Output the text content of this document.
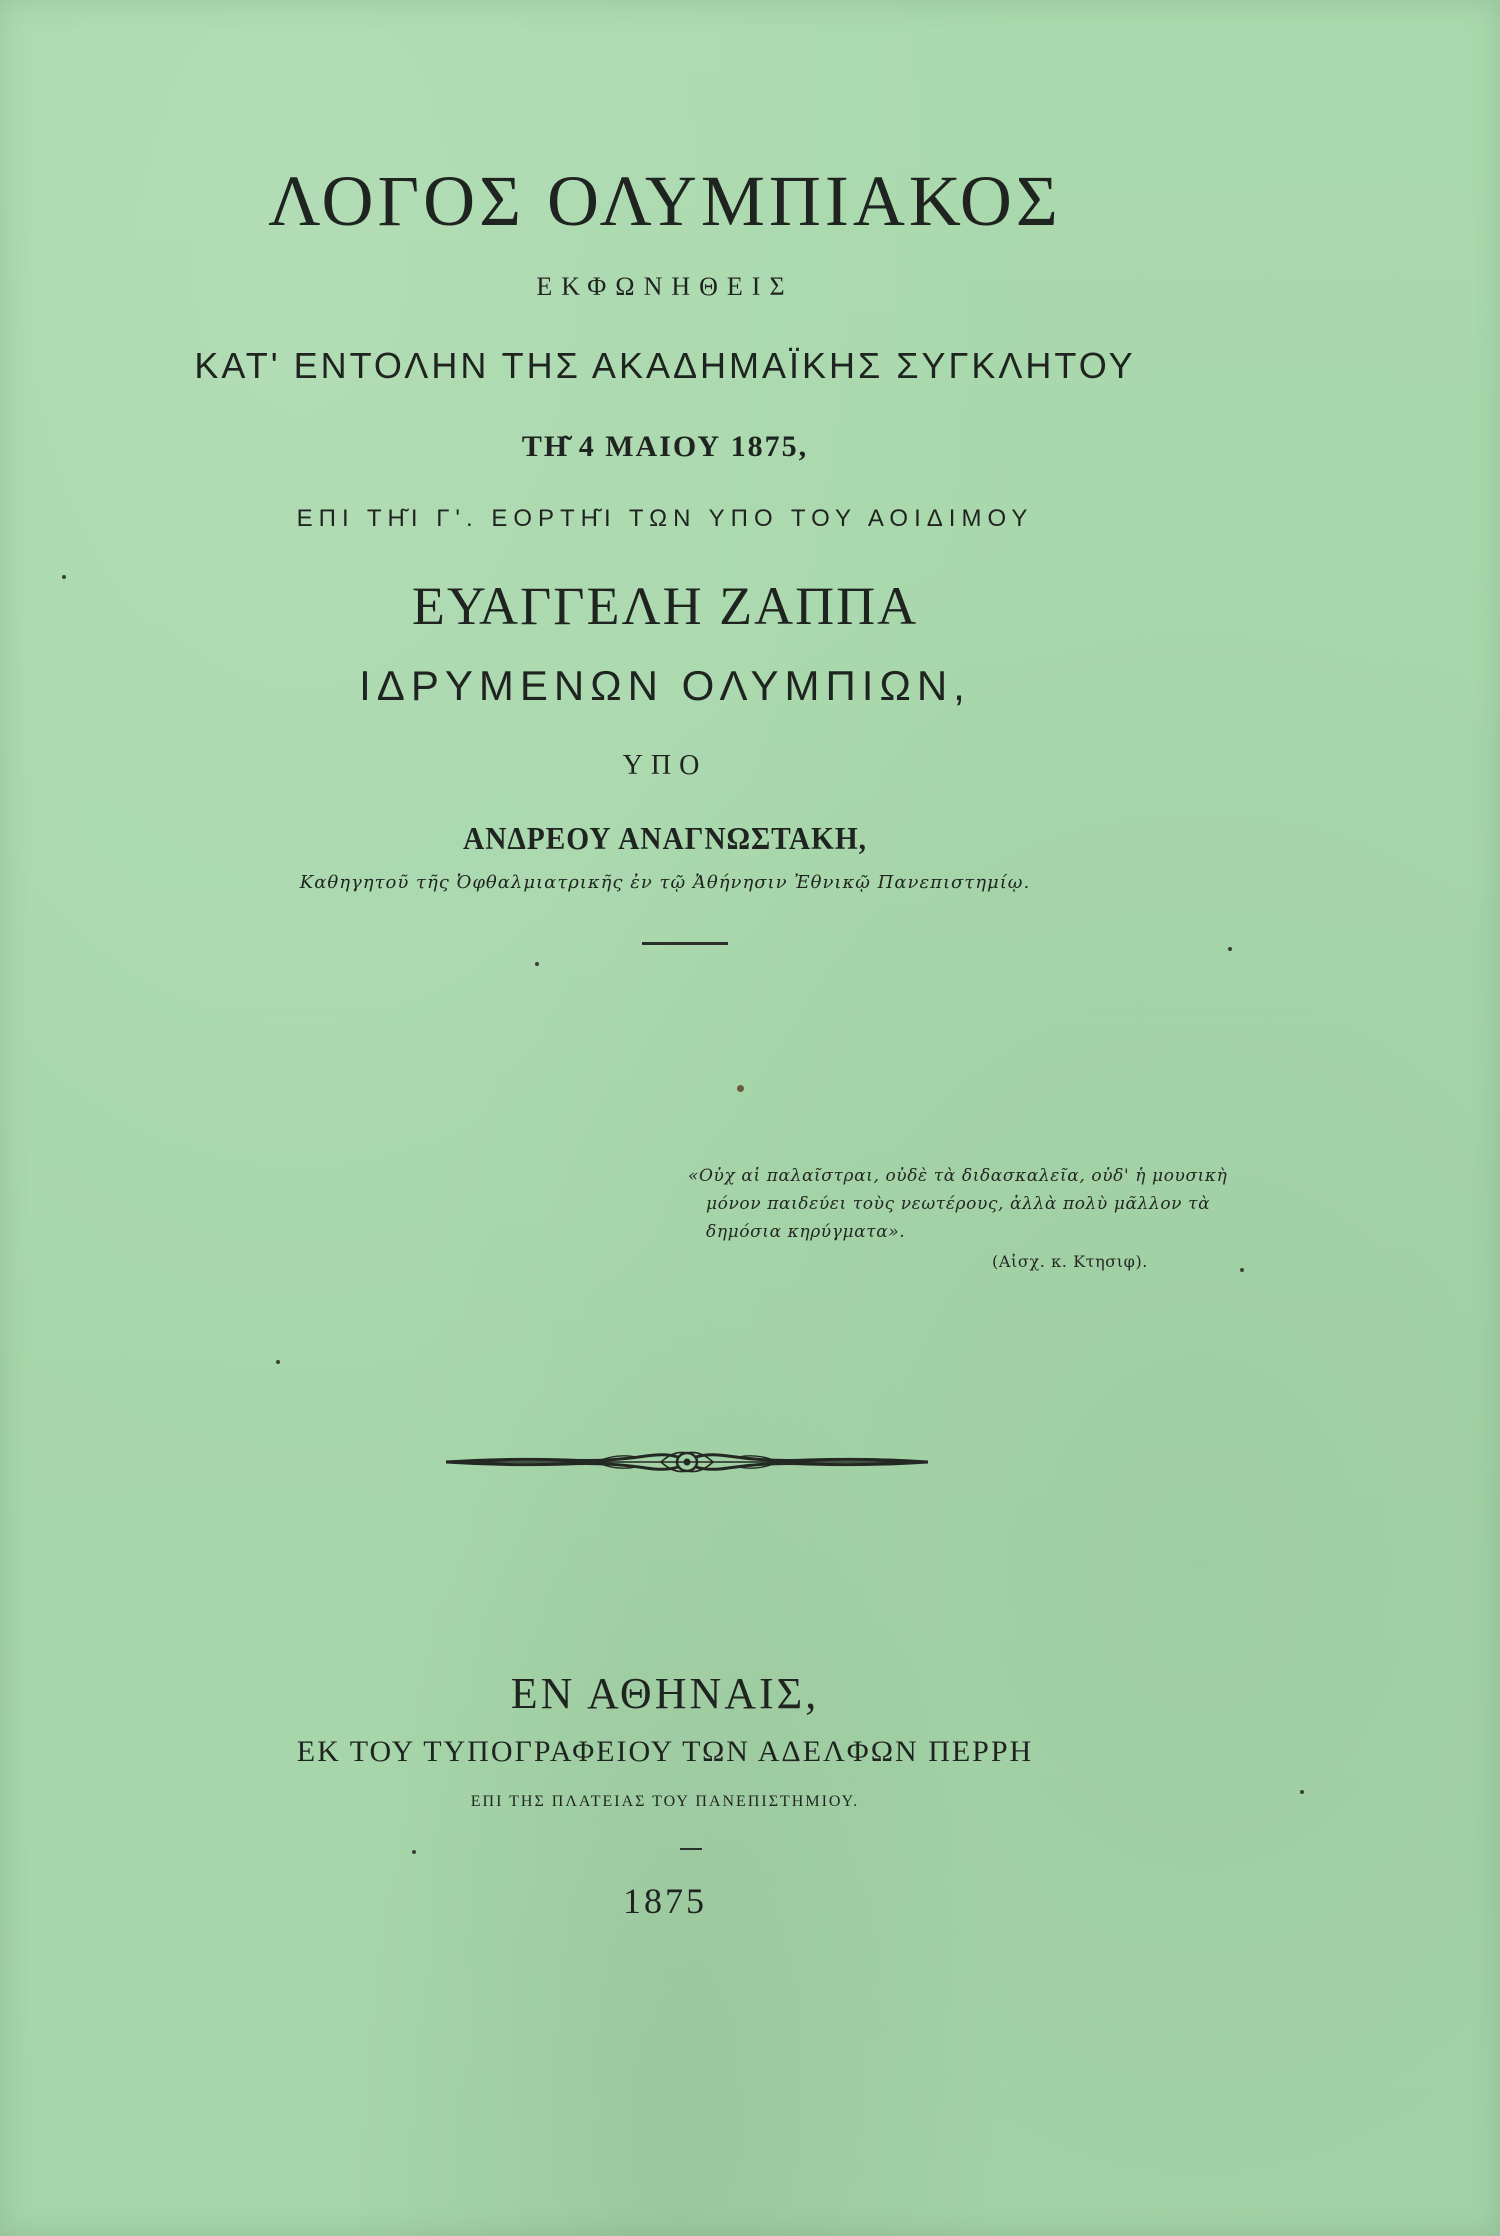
ΛΟΓΟΣ ΟΛΥΜΠΙΑΚΟΣ
ΕΚΦΩΝΗΘΕΙΣ
ΚΑΤ' ΕΝΤΟΛΗΝ ΤΗΣ ΑΚΑΔΗΜΑΪΚΗΣ ΣΥΓΚΛΗΤΟΥ
ΤΗ͂ 4 ΜΑΙΟΥ 1875,
ΕΠΙ ΤΗ͂Ι Γ'. ΕΟΡΤΗ͂Ι ΤΩΝ ΥΠΟ ΤΟΥ ΑΟΙΔΙΜΟΥ
ΕΥΑΓΓΕΛΗ ΖΑΠΠΑ
ΙΔΡΥΜΕΝΩΝ ΟΛΥΜΠΙΩΝ,
ΥΠΟ
ΑΝΔΡΕΟΥ ΑΝΑΓΝΩΣΤΑΚΗ,
Καθηγητοῦ τῆς Ὀφθαλμιατρικῆς ἐν τῷ Ἀθήνησιν Ἐθνικῷ Πανεπιστημίῳ.
«Οὐχ αἱ παλαῖστραι, οὐδὲ τὰ διδασκαλεῖα, οὐδ' ἡ μουσικὴ
μόνον παιδεύει τοὺς νεωτέρους, ἀλλὰ πολὺ μᾶλλον τὰ
δημόσια κηρύγματα».
(Αἰσχ. κ. Κτησιφ).
ΕΝ ΑΘΗΝΑΙΣ,
ΕΚ ΤΟΥ ΤΥΠΟΓΡΑΦΕΙΟΥ ΤΩΝ ΑΔΕΛΦΩΝ ΠΕΡΡΗ
ΕΠΙ ΤΗΣ ΠΛΑΤΕΙΑΣ ΤΟΥ ΠΑΝΕΠΙΣΤΗΜΙΟΥ.
1875
